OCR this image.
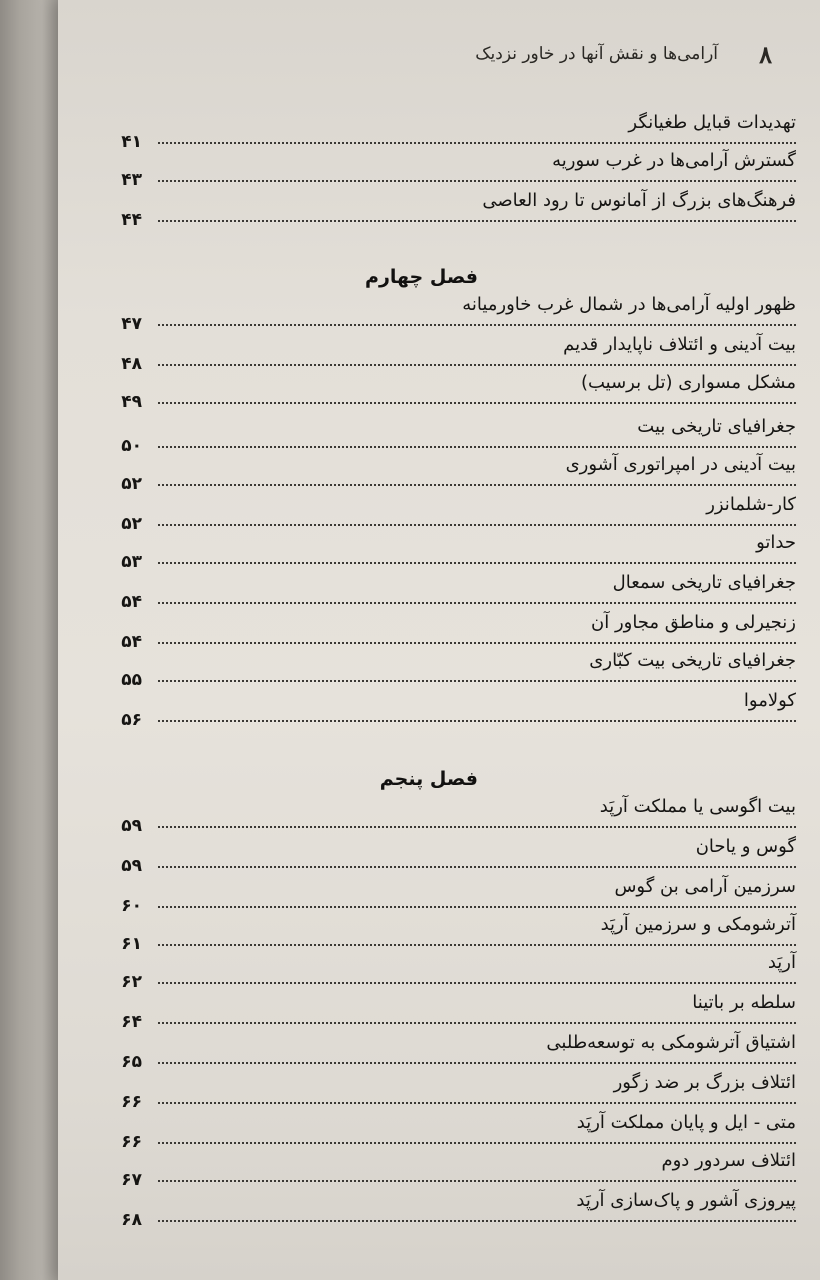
۸
آرامی‌ها و نقش آنها در خاور نزدیک
تهدیدات قبایل طغیانگر
۴۱
گسترش آرامی‌ها در غرب سوریه
۴۳
فرهنگ‌های بزرگ از آمانوس تا رود العاصی
۴۴
فصل چهارم
ظهور اولیه آرامی‌ها در شمال غرب خاورمیانه
۴۷
بیت آدینی و ائتلاف ناپایدار قدیم
۴۸
مشکل مسواری (تل برسیب)
۴۹
جغرافیای تاریخی بیت
۵۰
بیت آدینی در امپراتوری آشوری
۵۲
کار-شلمانزر
۵۲
حداتو
۵۳
جغرافیای تاریخی سمعال
۵۴
زنجیرلی و مناطق مجاور آن
۵۴
جغرافیای تاریخی بیت کبّاری
۵۵
کولاموا
۵۶
فصل پنجم
بیت اگوسی یا مملکت آرپَد
۵۹
گوس و یاحان
۵۹
سرزمین آرامی بن گوس
۶۰
آترشومکی و سرزمین آرپَد
۶۱
آرپَد
۶۲
سلطه بر باتینا
۶۴
اشتیاق آترشومکی به توسعه‌طلبی
۶۵
ائتلاف بزرگ بر ضد زگور
۶۶
متی - ایل و پایان مملکت آرپَد
۶۶
ائتلاف سردور دوم
۶۷
پیروزی آشور و پاک‌سازی آرپَد
۶۸
